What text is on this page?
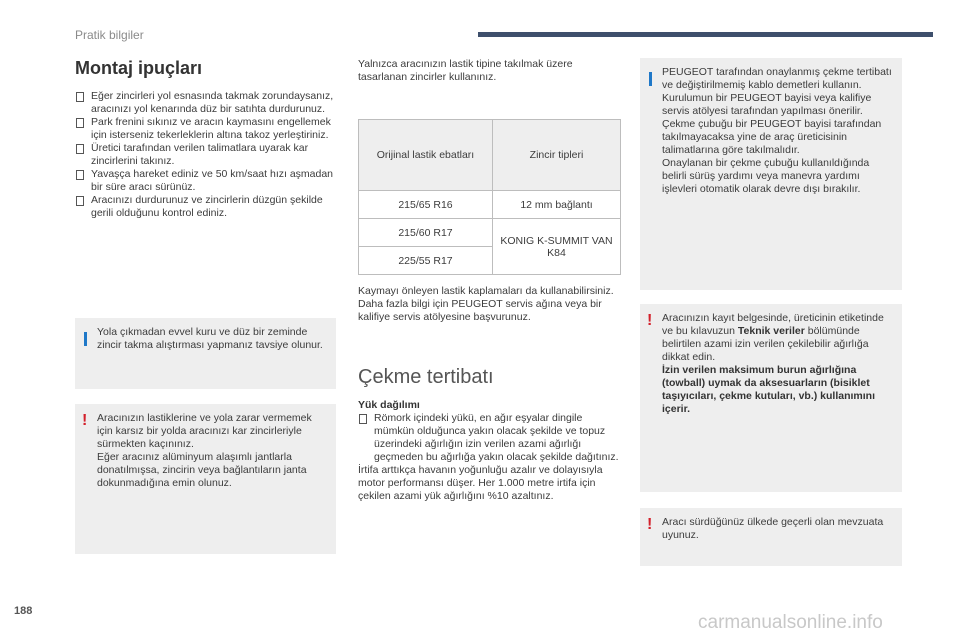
Pratik bilgiler
Montaj ipuçları
Eğer zincirleri yol esnasında takmak zorundaysanız, aracınızı yol kenarında düz bir satıhta durdurunuz.
Park frenini sıkınız ve aracın kaymasını engellemek için isterseniz tekerleklerin altına takoz yerleştiriniz.
Üretici tarafından verilen talimatlara uyarak kar zincirlerini takınız.
Yavaşça hareket ediniz ve 50 km/saat hızı aşmadan bir süre aracı sürünüz.
Aracınızı durdurunuz ve zincirlerin düzgün şekilde gerili olduğunu kontrol ediniz.
Yola çıkmadan evvel kuru ve düz bir zeminde zincir takma alıştırması yapmanız tavsiye olunur.
! Aracınızın lastiklerine ve yola zarar vermemek için karsız bir yolda aracınızı kar zincirleriyle sürmekten kaçınınız.
Eğer aracınız alüminyum alaşımlı jantlarla donatılmışsa, zincirin veya bağlantıların janta dokunmadığına emin olunuz.
Yalnızca aracınızın lastik tipine takılmak üzere tasarlanan zincirler kullanınız.
Orijinal lastik ebatları	Zincir tipleri
215/65 R16	12 mm bağlantı
215/60 R17	KONIG K-SUMMIT VAN K84
225/55 R17	
Kaymayı önleyen lastik kaplamaları da kullanabilirsiniz.
Daha fazla bilgi için PEUGEOT servis ağına veya bir kalifiye servis atölyesine başvurunuz.
Çekme tertibatı
Yük dağılımı
Römork içindeki yükü, en ağır eşyalar dingile mümkün olduğunca yakın olacak şekilde ve topuz üzerindeki ağırlığın izin verilen azami ağırlığı geçmeden bu ağırlığa yakın olacak şekilde dağıtınız.
İrtifa arttıkça havanın yoğunluğu azalır ve dolayısıyla motor performansı düşer. Her 1.000 metre irtifa için çekilen azami yük ağırlığını %10 azaltınız.
PEUGEOT tarafından onaylanmış çekme tertibatı ve değiştirilmemiş kablo demetleri kullanın. Kurulumun bir PEUGEOT bayisi veya kalifiye servis atölyesi tarafından yapılması önerilir.
Çekme çubuğu bir PEUGEOT bayisi tarafından takılmayacaksa yine de araç üreticisinin talimatlarına göre takılmalıdır.
Onaylanan bir çekme çubuğu kullanıldığında belirli sürüş yardımı veya manevra yardımı işlevleri otomatik olarak devre dışı bırakılır.
! Aracınızın kayıt belgesinde, üreticinin etiketinde ve bu kılavuzun Teknik veriler bölümünde belirtilen azami izin verilen çekilebilir ağırlığa dikkat edin.
İzin verilen maksimum burun ağırlığına (towball) uymak da aksesuarların (bisiklet taşıyıcıları, çekme kutuları, vb.) kullanımını içerir.
! Aracı sürdüğünüz ülkede geçerli olan mevzuata uyunuz.
188
carmanualsonline.info
